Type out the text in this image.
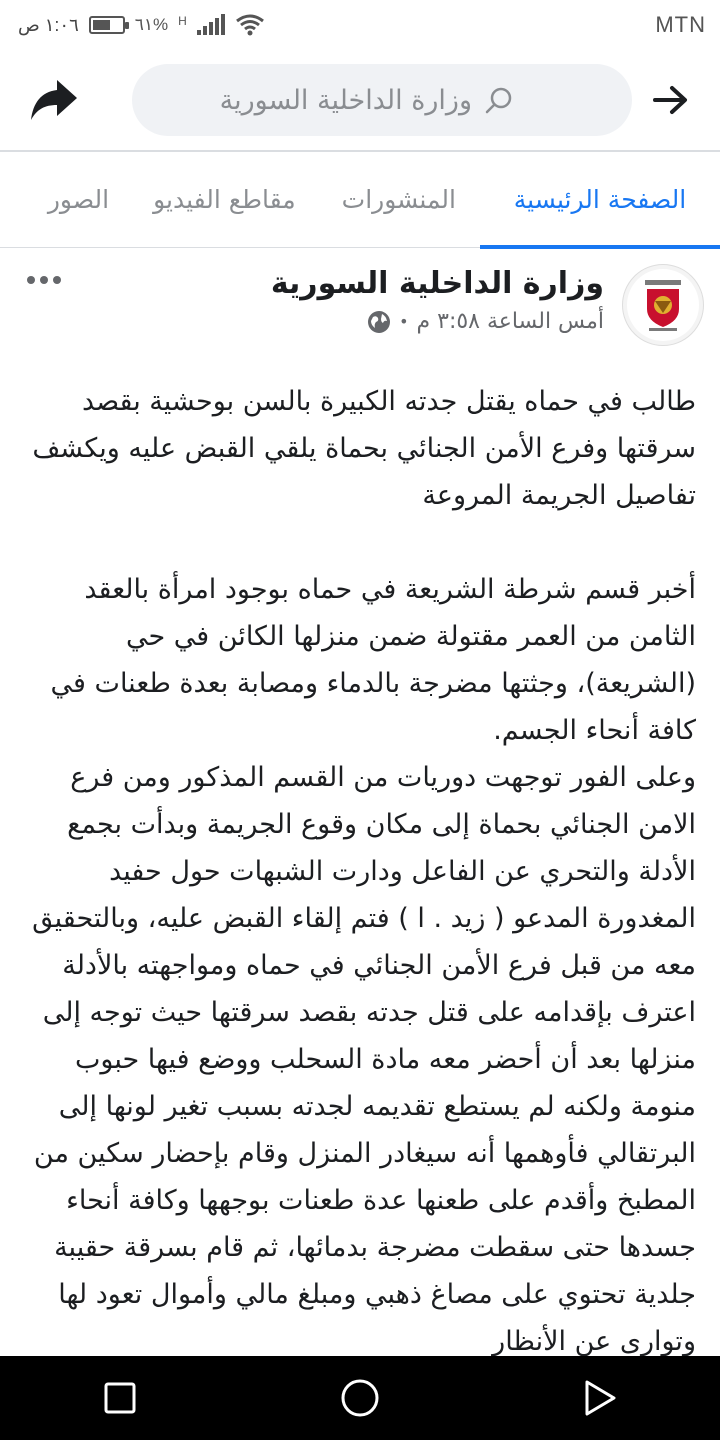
١:٠٦ ص	٦١% H	MTN
وزارة الداخلية السورية
الصفحة الرئيسية
المنشورات
مقاطع الفيديو
الصور
وزارة الداخلية السورية
أمس الساعة ٣:٥٨ م
•

طالب في حماه يقتل جدته الكبيرة بالسن بوحشية بقصد سرقتها وفرع الأمن الجنائي بحماة يلقي القبض عليه ويكشف تفاصيل الجريمة المروعة

أخبر قسم شرطة الشريعة في حماه بوجود امرأة بالعقد الثامن من العمر مقتولة ضمن منزلها الكائن في حي (الشريعة)، وجثتها مضرجة بالدماء ومصابة بعدة طعنات في كافة أنحاء الجسم.

وعلى الفور توجهت دوريات من القسم المذكور ومن فرع الامن الجنائي بحماة إلى مكان وقوع الجريمة وبدأت بجمع الأدلة والتحري عن الفاعل ودارت الشبهات حول حفيد المغدورة المدعو ( زيد . ا ) فتم إلقاء القبض عليه، وبالتحقيق معه من قبل فرع الأمن الجنائي في حماه ومواجهته بالأدلة اعترف بإقدامه على قتل جدته بقصد سرقتها حيث توجه إلى منزلها بعد أن أحضر معه مادة السحلب ووضع فيها حبوب منومة ولكنه لم يستطع تقديمه لجدته بسبب تغير لونها إلى البرتقالي فأوهمها أنه سيغادر المنزل وقام بإحضار سكين من المطبخ وأقدم على طعنها عدة طعنات بوجهها وكافة أنحاء جسدها حتى سقطت مضرجة بدمائها، ثم قام بسرقة حقيبة جلدية تحتوي على مصاغ ذهبي ومبلغ مالي وأموال تعود لها وتوارى عن الأنظار
